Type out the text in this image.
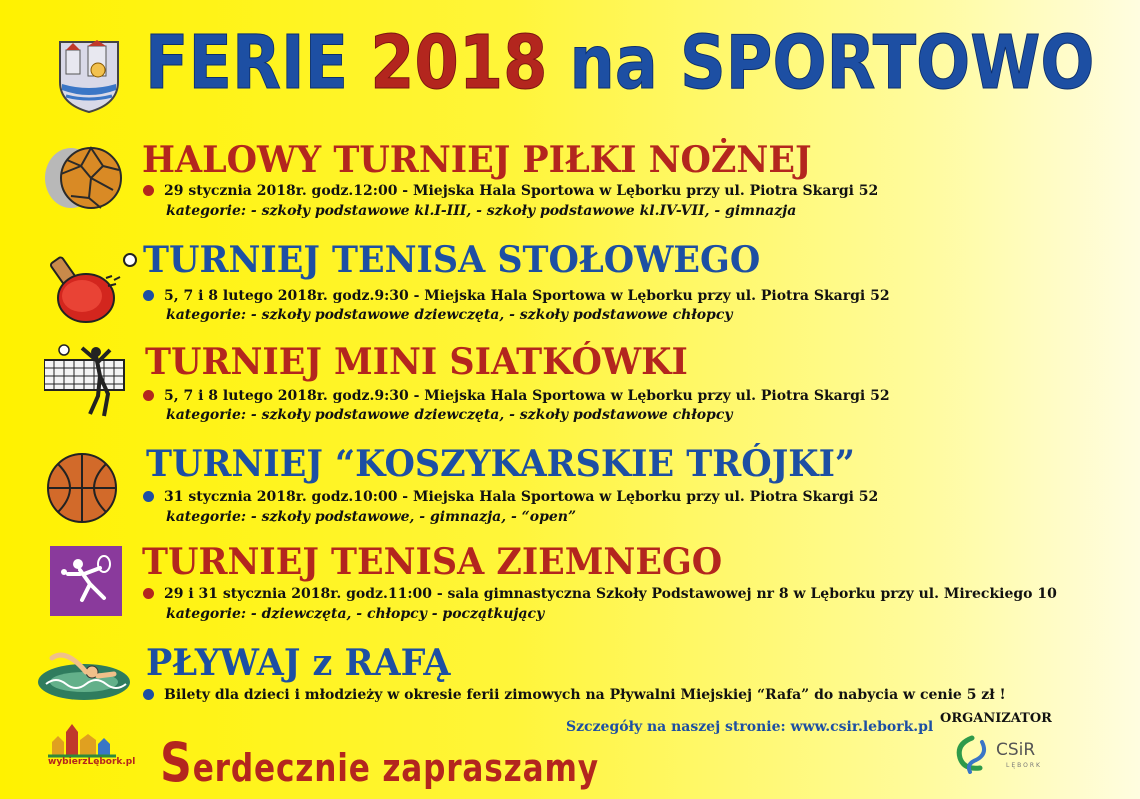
FERIE 2018 na SPORTOWO
HALOWY TURNIEJ PIŁKI NOŻNEJ
29 stycznia 2018r. godz.12:00 - Miejska Hala Sportowa w Lęborku przy ul. Piotra Skargi 52
kategorie: - szkoły podstawowe kl.I-III, - szkoły podstawowe kl.IV-VII, - gimnazja
TURNIEJ TENISA STOŁOWEGO
5, 7 i 8 lutego 2018r. godz.9:30 - Miejska Hala Sportowa w Lęborku przy ul. Piotra Skargi 52
kategorie: - szkoły podstawowe dziewczęta, - szkoły podstawowe chłopcy
TURNIEJ MINI SIATKÓWKI
5, 7 i 8 lutego 2018r. godz.9:30 - Miejska Hala Sportowa w Lęborku przy ul. Piotra Skargi 52
kategorie: - szkoły podstawowe dziewczęta, - szkoły podstawowe chłopcy
TURNIEJ “KOSZYKARSKIE TRÓJKI”
31 stycznia 2018r. godz.10:00 - Miejska Hala Sportowa w Lęborku przy ul. Piotra Skargi 52
kategorie: - szkoły podstawowe, - gimnazja, - “open”
TURNIEJ TENISA ZIEMNEGO
29 i 31 stycznia 2018r. godz.11:00 - sala gimnastyczna Szkoły Podstawowej nr 8 w Lęborku przy ul. Mireckiego 10
kategorie: - dziewczęta, - chłopcy - początkujący
PŁYWAJ z RAFĄ
Bilety dla dzieci i młodzieży w okresie ferii zimowych na Pływalni Miejskiej “Rafa” do nabycia w cenie 5 zł !
wybierzLębork.pl Serdecznie zapraszamy
Szczegóły na naszej stronie: www.csir.lebork.pl
ORGANIZATOR
CSiR
LĘBORK
